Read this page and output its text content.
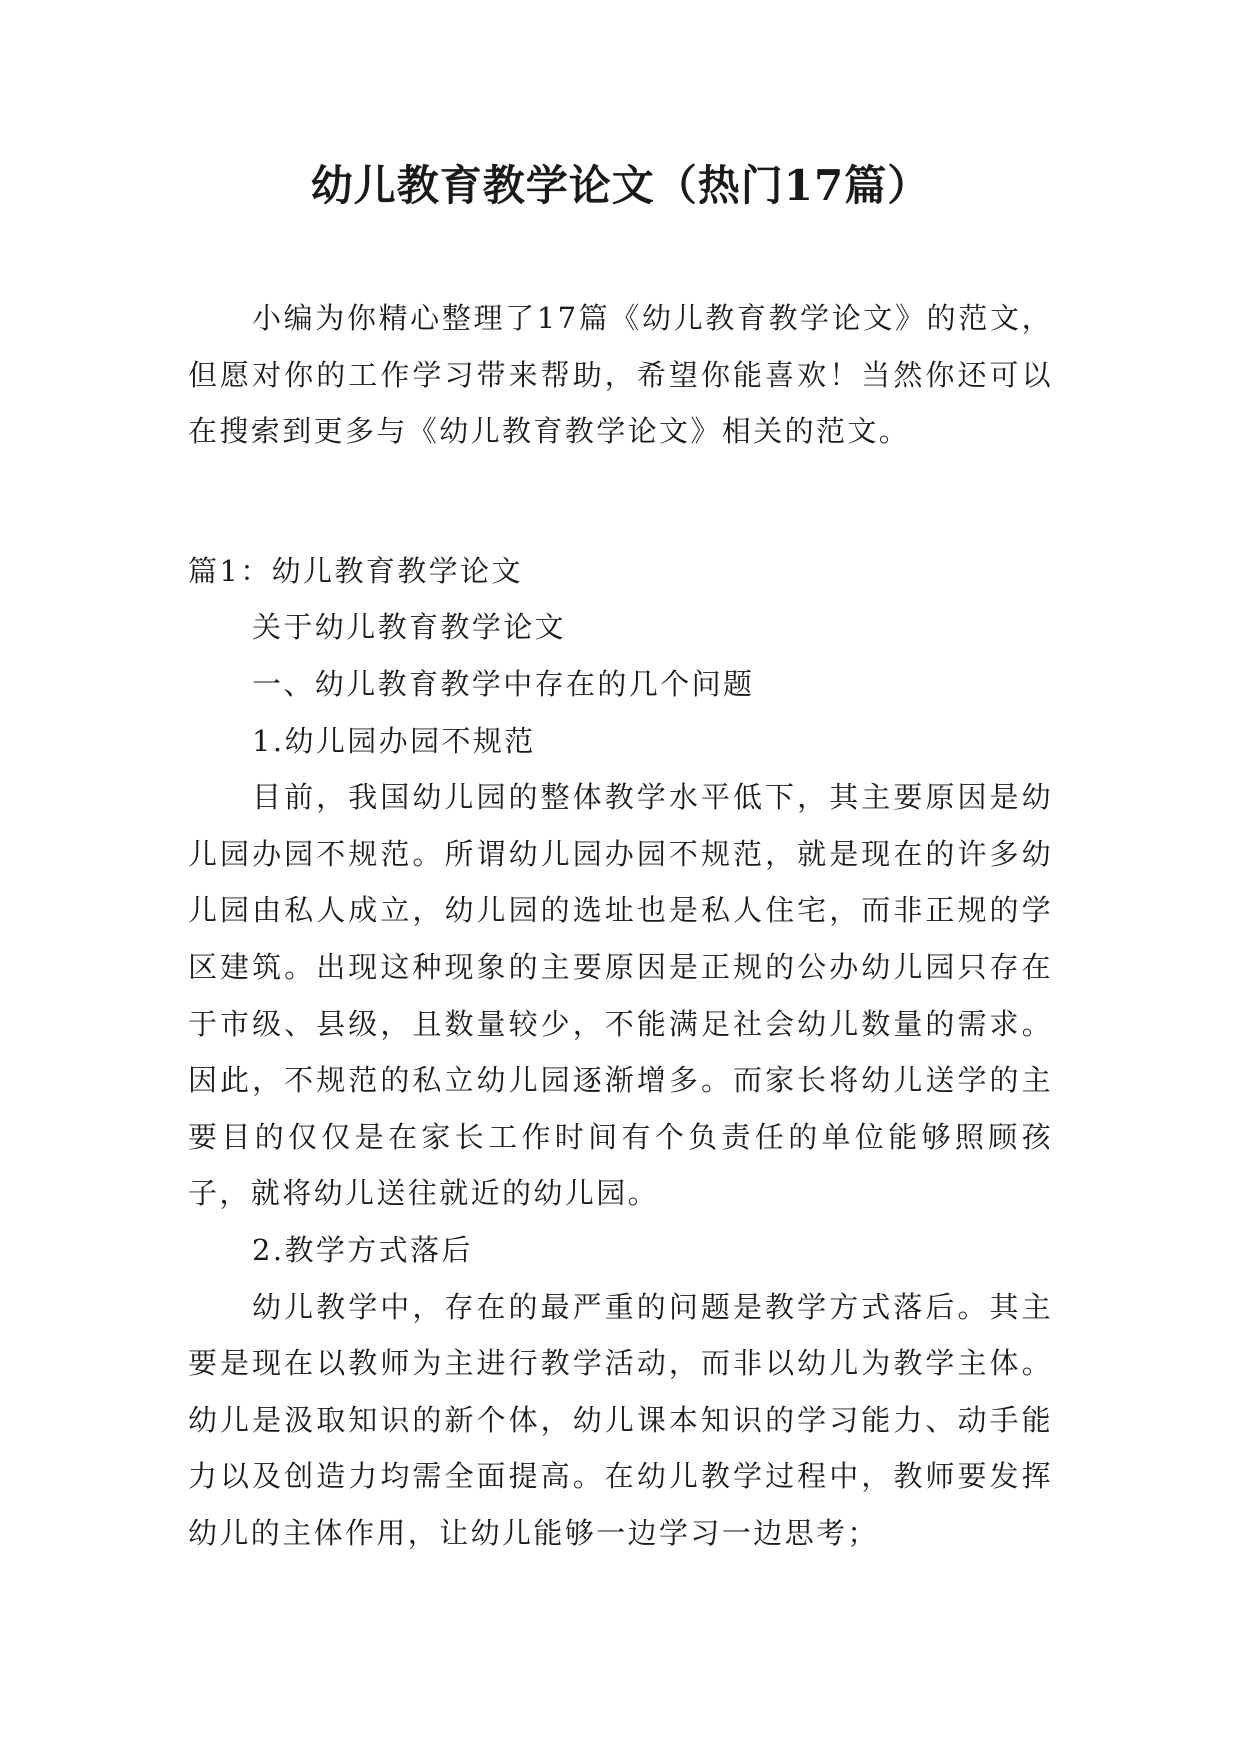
幼儿教育教学论文（热门17篇）

小编为你精心整理了17篇《幼儿教育教学论文》的范文，但愿对你的工作学习带来帮助，希望你能喜欢！当然你还可以在搜索到更多与《幼儿教育教学论文》相关的范文。

篇1：幼儿教育教学论文

关于幼儿教育教学论文

一、幼儿教育教学中存在的几个问题

1.幼儿园办园不规范

目前，我国幼儿园的整体教学水平低下，其主要原因是幼儿园办园不规范。所谓幼儿园办园不规范，就是现在的许多幼儿园由私人成立，幼儿园的选址也是私人住宅，而非正规的学区建筑。出现这种现象的主要原因是正规的公办幼儿园只存在于市级、县级，且数量较少，不能满足社会幼儿数量的需求。因此，不规范的私立幼儿园逐渐增多。而家长将幼儿送学的主要目的仅仅是在家长工作时间有个负责任的单位能够照顾孩子，就将幼儿送往就近的幼儿园。

2.教学方式落后

幼儿教学中，存在的最严重的问题是教学方式落后。其主要是现在以教师为主进行教学活动，而非以幼儿为教学主体。幼儿是汲取知识的新个体，幼儿课本知识的学习能力、动手能力以及创造力均需全面提高。在幼儿教学过程中，教师要发挥幼儿的主体作用，让幼儿能够一边学习一边思考；
